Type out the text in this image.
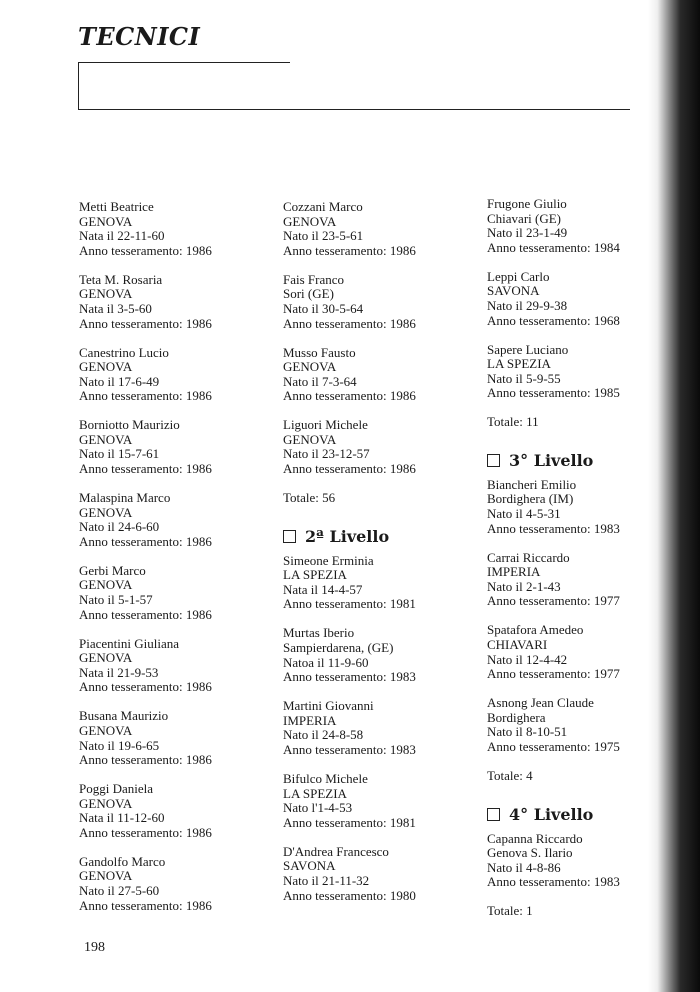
TECNICI
Metti Beatrice
GENOVA
Nata il 22-11-60
Anno tesseramento: 1986
Teta M. Rosaria
GENOVA
Nata il 3-5-60
Anno tesseramento: 1986
Canestrino Lucio
GENOVA
Nato il 17-6-49
Anno tesseramento: 1986
Borniotto Maurizio
GENOVA
Nato il 15-7-61
Anno tesseramento: 1986
Malaspina Marco
GENOVA
Nato il 24-6-60
Anno tesseramento: 1986
Gerbi Marco
GENOVA
Nato il 5-1-57
Anno tesseramento: 1986
Piacentini Giuliana
GENOVA
Nata il 21-9-53
Anno tesseramento: 1986
Busana Maurizio
GENOVA
Nato il 19-6-65
Anno tesseramento: 1986
Poggi Daniela
GENOVA
Nata il 11-12-60
Anno tesseramento: 1986
Gandolfo Marco
GENOVA
Nato il 27-5-60
Anno tesseramento: 1986
Cozzani Marco
GENOVA
Nato il 23-5-61
Anno tesseramento: 1986
Fais Franco
Sori (GE)
Nato il 30-5-64
Anno tesseramento: 1986
Musso Fausto
GENOVA
Nato il 7-3-64
Anno tesseramento: 1986
Liguori Michele
GENOVA
Nato il 23-12-57
Anno tesseramento: 1986
Totale: 56
2ª Livello
Simeone Erminia
LA SPEZIA
Nata il 14-4-57
Anno tesseramento: 1981
Murtas Iberio
Sampierdarena, (GE)
Natoa il 11-9-60
Anno tesseramento: 1983
Martini Giovanni
IMPERIA
Nato il 24-8-58
Anno tesseramento: 1983
Bifulco Michele
LA SPEZIA
Nato l'1-4-53
Anno tesseramento: 1981
D'Andrea Francesco
SAVONA
Nato il 21-11-32
Anno tesseramento: 1980
Frugone Giulio
Chiavari (GE)
Nato il 23-1-49
Anno tesseramento: 1984
Leppi Carlo
SAVONA
Nato il 29-9-38
Anno tesseramento: 1968
Sapere Luciano
LA SPEZIA
Nato il 5-9-55
Anno tesseramento: 1985
Totale: 11
3° Livello
Biancheri Emilio
Bordighera (IM)
Nato il 4-5-31
Anno tesseramento: 1983
Carrai Riccardo
IMPERIA
Nato il 2-1-43
Anno tesseramento: 1977
Spatafora Amedeo
CHIAVARI
Nato il 12-4-42
Anno tesseramento: 1977
Asnong Jean Claude
Bordighera
Nato il 8-10-51
Anno tesseramento: 1975
Totale: 4
4° Livello
Capanna Riccardo
Genova S. Ilario
Nato il 4-8-86
Anno tesseramento: 1983
Totale: 1
198
